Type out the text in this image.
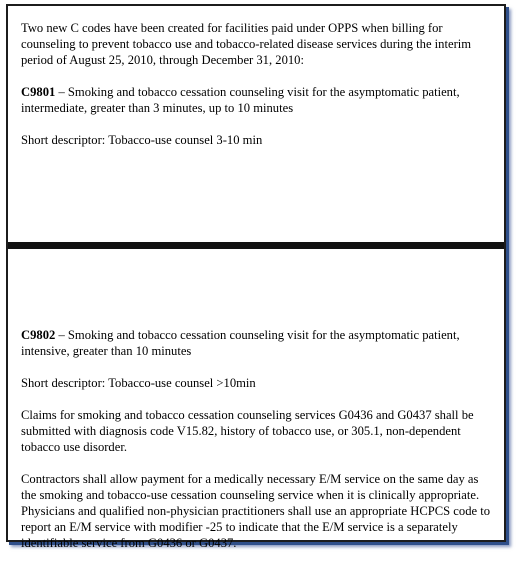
Two new C codes have been created for facilities paid under OPPS when billing for counseling to prevent tobacco use and tobacco-related disease services during the interim period of August 25, 2010, through December 31, 2010:

C9801 – Smoking and tobacco cessation counseling visit for the asymptomatic patient, intermediate, greater than 3 minutes, up to 10 minutes

Short descriptor: Tobacco-use counsel 3-10 min

C9802 – Smoking and tobacco cessation counseling visit for the asymptomatic patient, intensive, greater than 10 minutes

Short descriptor: Tobacco-use counsel >10min

Claims for smoking and tobacco cessation counseling services G0436 and G0437 shall be submitted with diagnosis code V15.82, history of tobacco use, or 305.1, non-dependent tobacco use disorder.

Contractors shall allow payment for a medically necessary E/M service on the same day as the smoking and tobacco-use cessation counseling service when it is clinically appropriate. Physicians and qualified non-physician practitioners shall use an appropriate HCPCS code to report an E/M service with modifier -25 to indicate that the E/M service is a separately identifiable service from G0436 or G0437.
